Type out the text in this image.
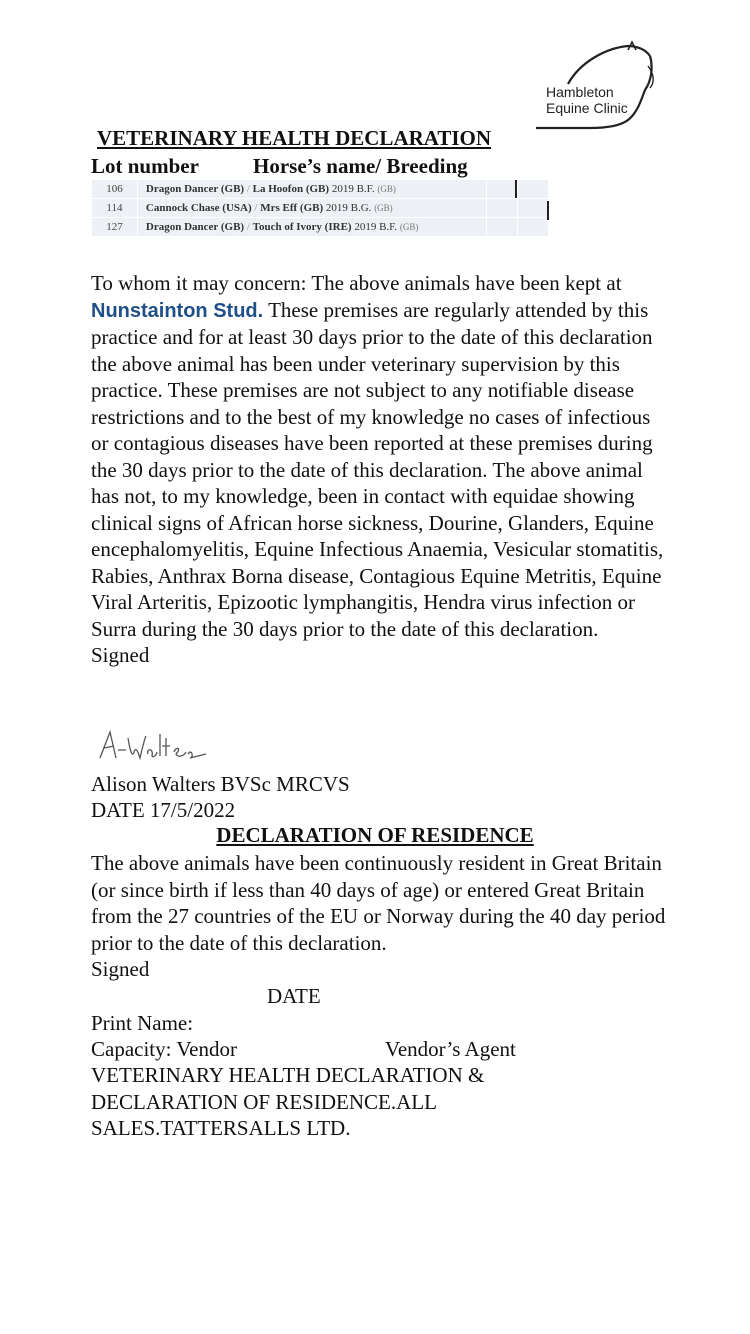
Hambleton
Equine Clinic
VETERINARY HEALTH DECLARATION
Lot number	Horse’s name/ Breeding
106	Dragon Dancer (GB) / La Hoofon (GB) 2019 B.F. (GB)		
114	Cannock Chase (USA) / Mrs Eff (GB) 2019 B.G. (GB)		
127	Dragon Dancer (GB) / Touch of Ivory (IRE) 2019 B.F. (GB)		

To whom it may concern: The above animals have been kept at Nunstainton Stud. These premises are regularly attended by this practice and for at least 30 days prior to the date of this declaration the above animal has been under veterinary supervision by this practice. These premises are not subject to any notifiable disease restrictions and to the best of my knowledge no cases of infectious or contagious diseases have been reported at these premises during the 30 days prior to the date of this declaration. The above animal has not, to my knowledge, been in contact with equidae showing clinical signs of African horse sickness, Dourine, Glanders, Equine encephalomyelitis, Equine Infectious Anaemia, Vesicular stomatitis, Rabies, Anthrax Borna disease, Contagious Equine Metritis, Equine Viral Arteritis, Epizootic lymphangitis, Hendra virus infection or Surra during the 30 days prior to the date of this declaration.
Signed

Alison Walters BVSc MRCVS
DATE 17/5/2022
DECLARATION OF RESIDENCE

The above animals have been continuously resident in Great Britain (or since birth if less than 40 days of age) or entered Great Britain from the 27 countries of the EU or Norway during the 40 day period prior to the date of this declaration.

Signed
DATE
Print Name:
Capacity: Vendor	Vendor’s Agent
VETERINARY HEALTH DECLARATION &
DECLARATION OF RESIDENCE.ALL
SALES.TATTERSALLS LTD.
